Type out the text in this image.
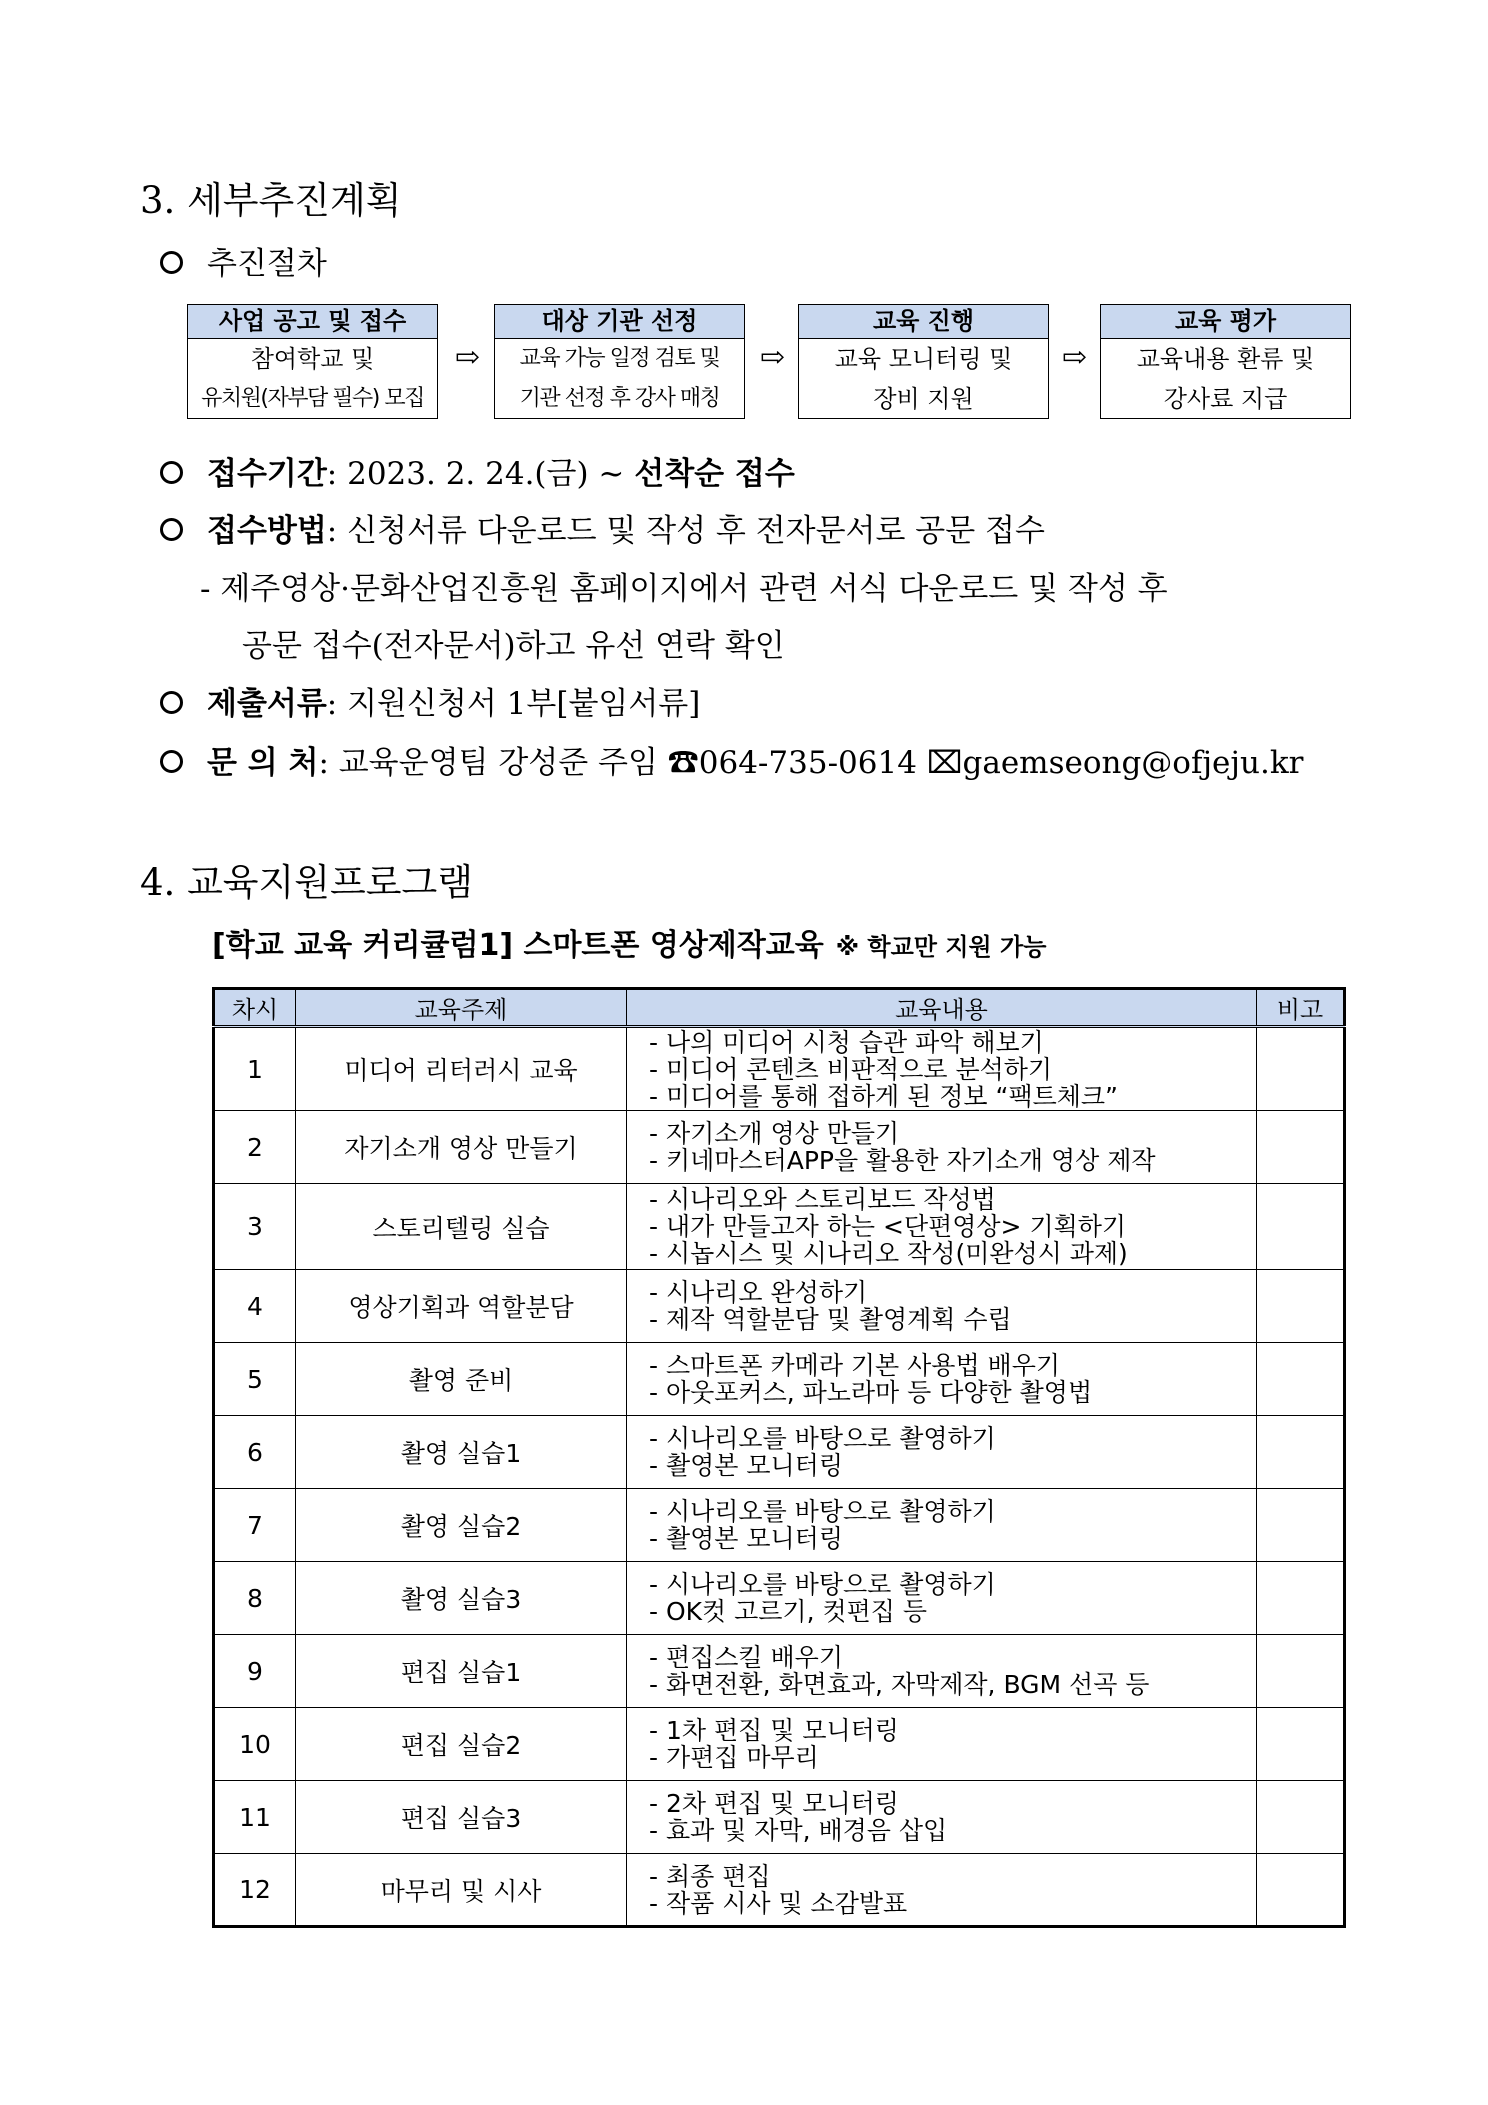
3. 세부추진계획
추진절차
사업 공고 및 접수
참여학교 및
유치원(자부담 필수) 모집
⇨
대상 기관 선정
교육 가능 일정 검토 및
기관 선정 후 강사 매칭
⇨
교육 진행
교육 모니터링 및
장비 지원
⇨
교육 평가
교육내용 환류 및
강사료 지급
접수기간: 2023. 2. 24.(금) ~ 선착순 접수
접수방법: 신청서류 다운로드 및 작성 후 전자문서로 공문 접수
- 제주영상·문화산업진흥원 홈페이지에서 관련 서식 다운로드 및 작성 후
공문 접수(전자문서)하고 유선 연락 확인
제출서류: 지원신청서 1부[붙임서류]
문 의 처: 교육운영팀 강성준 주임 ☎064-735-0614 ⌧gaemseong@ofjeju.kr
4. 교육지원프로그램
[학교 교육 커리큘럼1] 스마트폰 영상제작교육 ※ 학교만 지원 가능
차시	교육주제	교육내용	비고
1	미디어 리터러시 교육	- 나의 미디어 시청 습관 파악 해보기
- 미디어 콘텐츠 비판적으로 분석하기
- 미디어를 통해 접하게 된 정보 “팩트체크”	

2	자기소개 영상 만들기	- 자기소개 영상 만들기
- 키네마스터APP을 활용한 자기소개 영상 제작	

3	스토리텔링 실습	- 시나리오와 스토리보드 작성법
- 내가 만들고자 하는 <단편영상> 기획하기
- 시놉시스 및 시나리오 작성(미완성시 과제)	

4	영상기획과 역할분담	- 시나리오 완성하기
- 제작 역할분담 및 촬영계획 수립	

5	촬영 준비	- 스마트폰 카메라 기본 사용법 배우기
- 아웃포커스, 파노라마 등 다양한 촬영법	

6	촬영 실습1	- 시나리오를 바탕으로 촬영하기
- 촬영본 모니터링	

7	촬영 실습2	- 시나리오를 바탕으로 촬영하기
- 촬영본 모니터링	

8	촬영 실습3	- 시나리오를 바탕으로 촬영하기
- OK컷 고르기, 컷편집 등	

9	편집 실습1	- 편집스킬 배우기
- 화면전환, 화면효과, 자막제작, BGM 선곡 등	

10	편집 실습2	- 1차 편집 및 모니터링
- 가편집 마무리	

11	편집 실습3	- 2차 편집 및 모니터링
- 효과 및 자막, 배경음 삽입	

12	마무리 및 시사	- 최종 편집
- 작품 시사 및 소감발표	
